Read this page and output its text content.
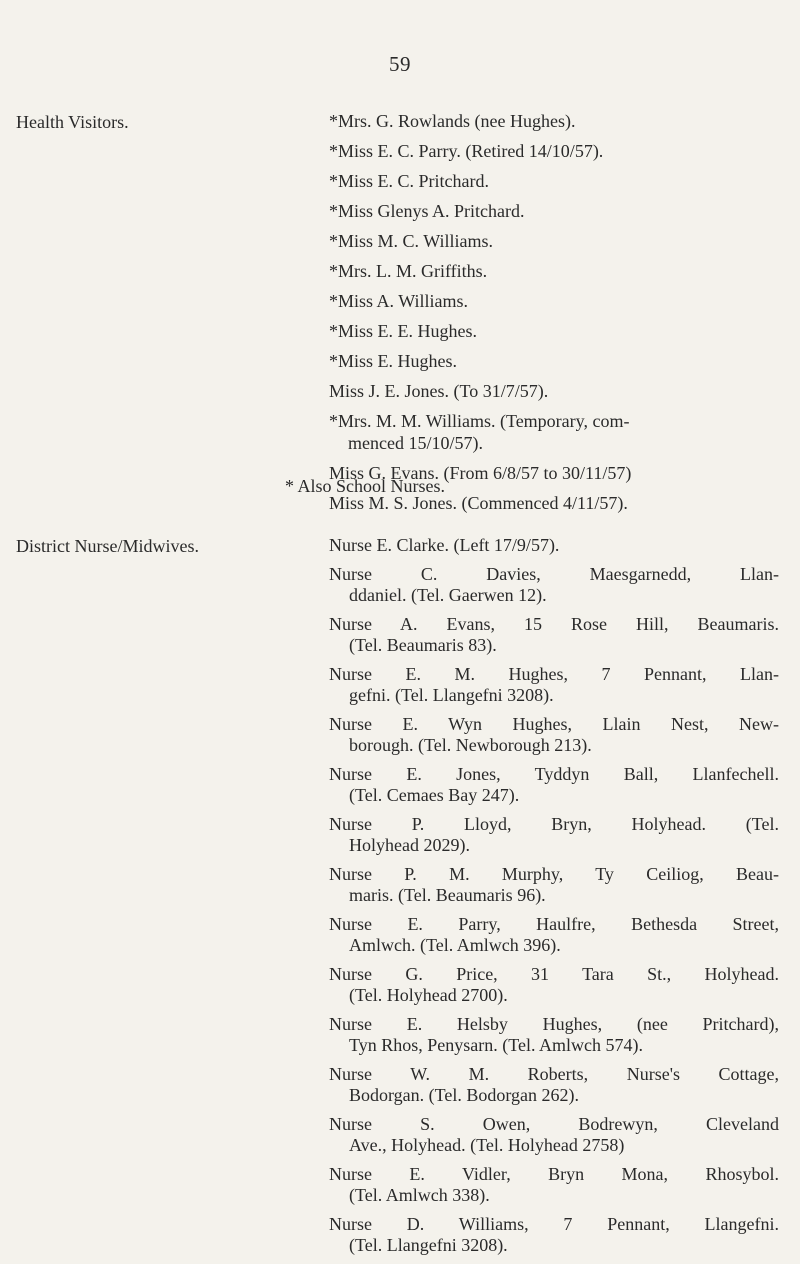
59
Health Visitors.	*Mrs. G. Rowlands (nee Hughes).

*Miss E. C. Parry. (Retired 14/10/57).

*Miss E. C. Pritchard.

*Miss Glenys A. Pritchard.

*Miss M. C. Williams.

*Mrs. L. M. Griffiths.

*Miss A. Williams.

*Miss E. E. Hughes.

*Miss E. Hughes.

Miss J. E. Jones. (To 31/7/57).

*Mrs. M. M. Williams. (Temporary, com-
menced 15/10/57).

Miss G. Evans. (From 6/8/57 to 30/11/57)

Miss M. S. Jones. (Commenced 4/11/57).

* Also School Nurses.
District Nurse/Midwives.	Nurse E. Clarke. (Left 17/9/57).

Nurse C. Davies, Maesgarnedd, Llan-
ddaniel. (Tel. Gaerwen 12).

Nurse A. Evans, 15 Rose Hill, Beaumaris.
(Tel. Beaumaris 83).

Nurse E. M. Hughes, 7 Pennant, Llan-
gefni. (Tel. Llangefni 3208).

Nurse E. Wyn Hughes, Llain Nest, New-
borough. (Tel. Newborough 213).

Nurse E. Jones, Tyddyn Ball, Llanfechell.
(Tel. Cemaes Bay 247).

Nurse P. Lloyd, Bryn, Holyhead. (Tel.
Holyhead 2029).

Nurse P. M. Murphy, Ty Ceiliog, Beau-
maris. (Tel. Beaumaris 96).

Nurse E. Parry, Haulfre, Bethesda Street,
Amlwch. (Tel. Amlwch 396).

Nurse G. Price, 31 Tara St., Holyhead.
(Tel. Holyhead 2700).

Nurse E. Helsby Hughes, (nee Pritchard),
Tyn Rhos, Penysarn. (Tel. Amlwch 574).

Nurse W. M. Roberts, Nurse's Cottage,
Bodorgan. (Tel. Bodorgan 262).

Nurse S. Owen, Bodrewyn, Cleveland
Ave., Holyhead. (Tel. Holyhead 2758)

Nurse E. Vidler, Bryn Mona, Rhosybol.
(Tel. Amlwch 338).

Nurse D. Williams, 7 Pennant, Llangefni.
(Tel. Llangefni 3208).
